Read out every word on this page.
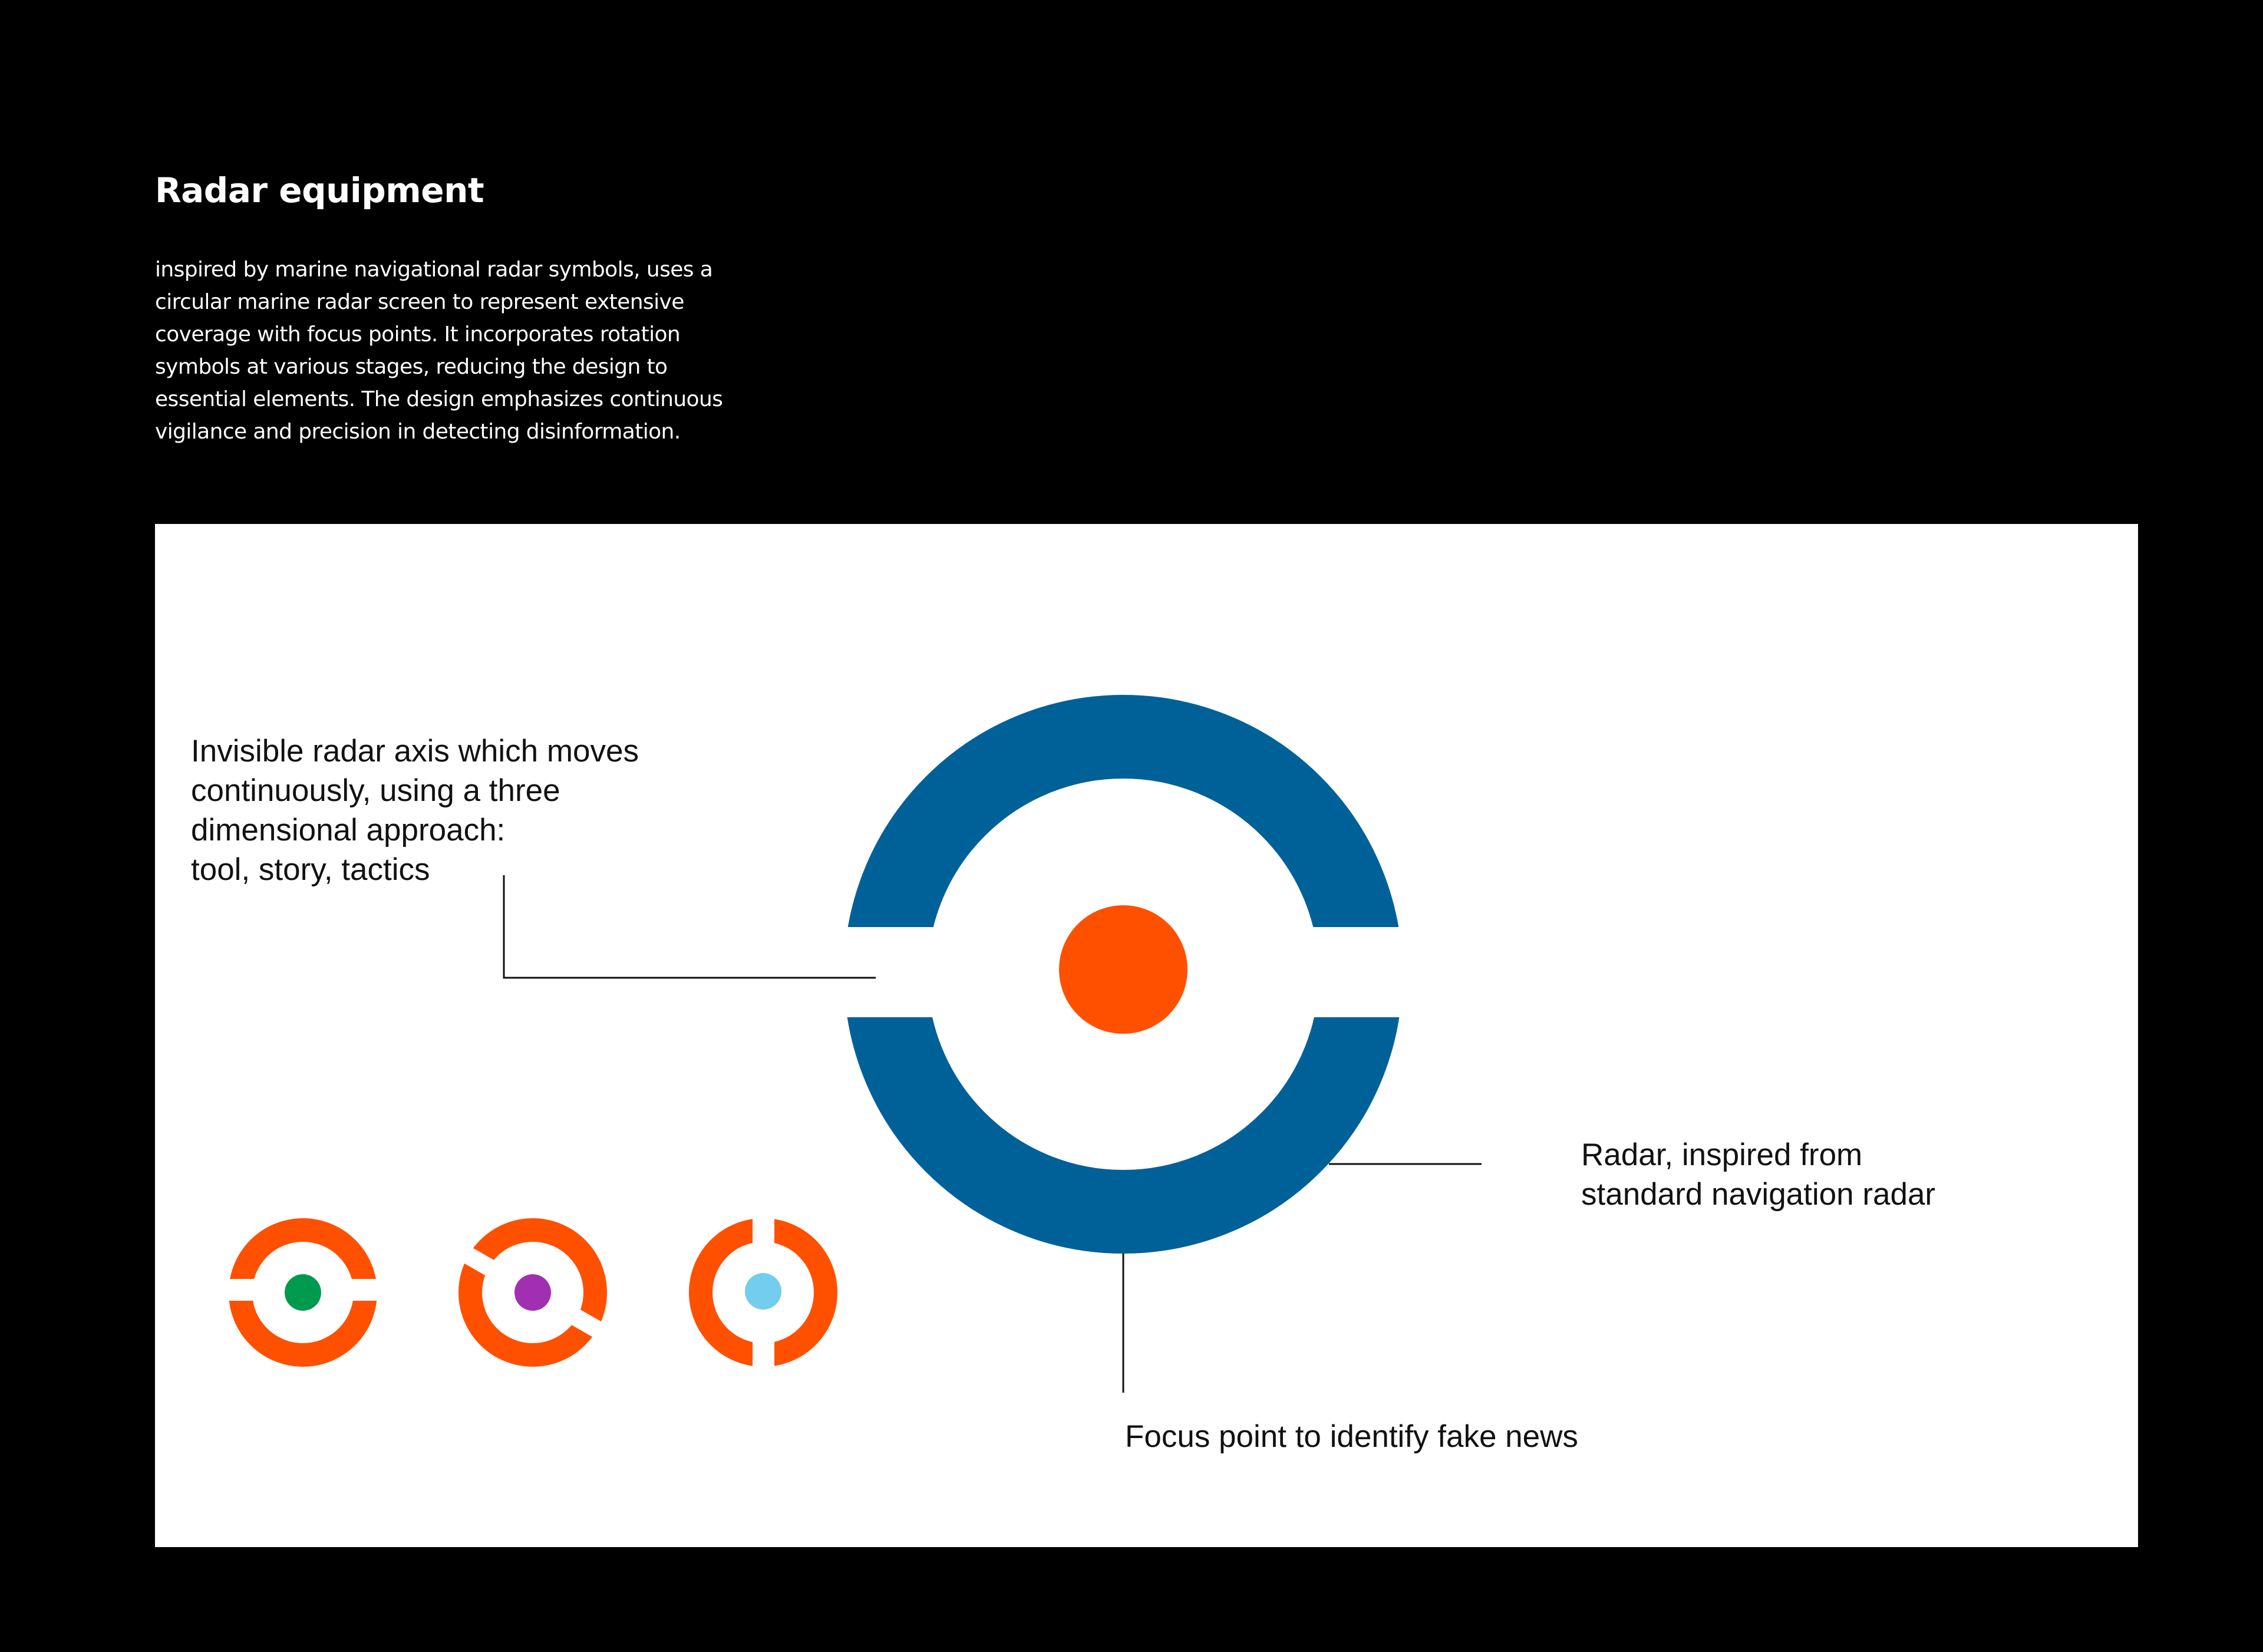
Radar equipment
inspired by marine navigational radar symbols, uses a
circular marine radar screen to represent extensive
coverage with focus points. It incorporates rotation
symbols at various stages, reducing the design to
essential elements. The design emphasizes continuous
vigilance and precision in detecting disinformation.
Invisible radar axis which moves
continuously, using a three
dimensional approach:
tool, story, tactics
Radar, inspired from
standard navigation radar
Focus point to identify fake news
